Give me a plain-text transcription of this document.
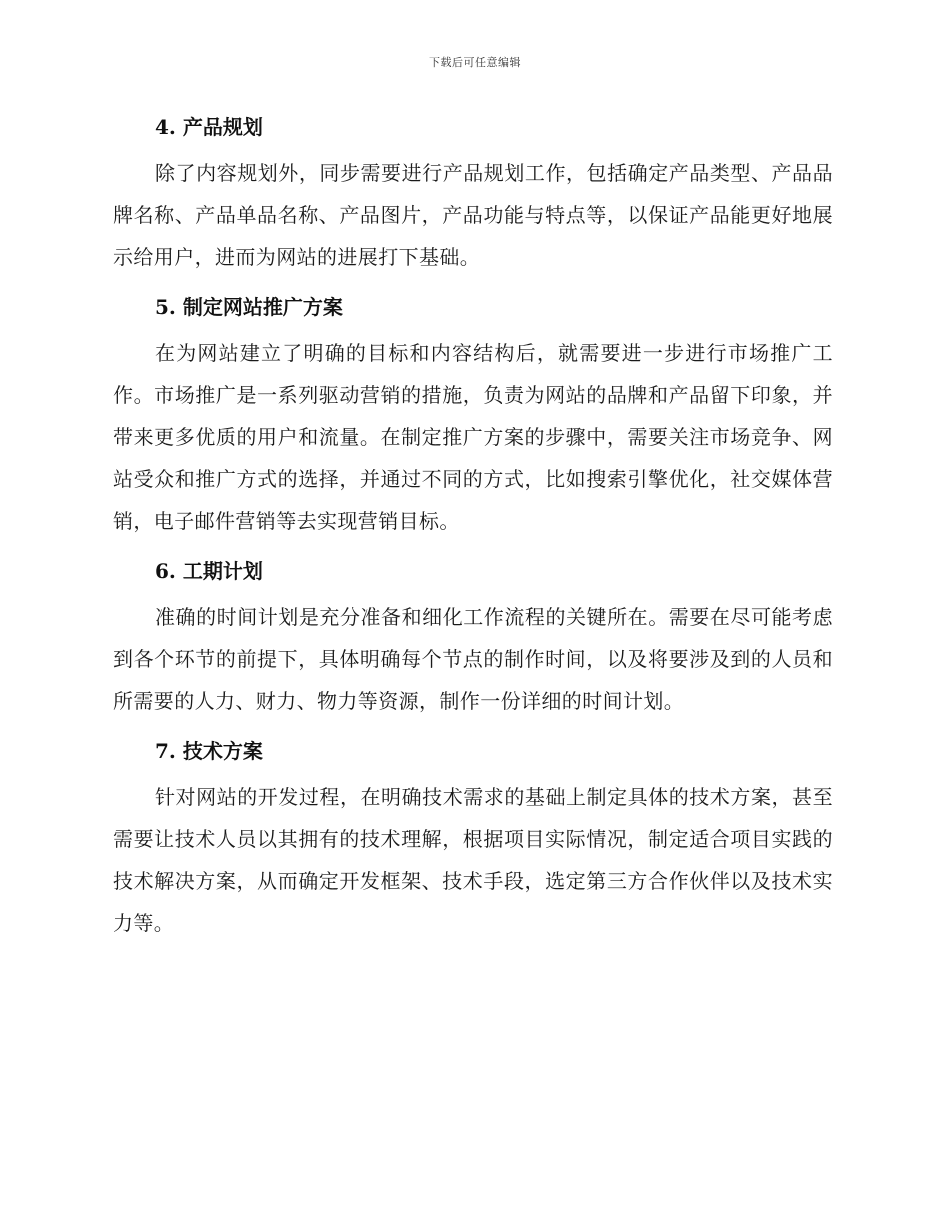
下载后可任意编辑
4. 产品规划

除了内容规划外，同步需要进行产品规划工作，包括确定产品类型、产品品牌名称、产品单品名称、产品图片，产品功能与特点等，以保证产品能更好地展示给用户，进而为网站的进展打下基础。

5. 制定网站推广方案

在为网站建立了明确的目标和内容结构后，就需要进一步进行市场推广工作。市场推广是一系列驱动营销的措施，负责为网站的品牌和产品留下印象，并带来更多优质的用户和流量。在制定推广方案的步骤中，需要关注市场竞争、网站受众和推广方式的选择，并通过不同的方式，比如搜索引擎优化，社交媒体营销，电子邮件营销等去实现营销目标。

6. 工期计划

准确的时间计划是充分准备和细化工作流程的关键所在。需要在尽可能考虑到各个环节的前提下，具体明确每个节点的制作时间，以及将要涉及到的人员和所需要的人力、财力、物力等资源，制作一份详细的时间计划。

7. 技术方案

针对网站的开发过程，在明确技术需求的基础上制定具体的技术方案，甚至需要让技术人员以其拥有的技术理解，根据项目实际情况，制定适合项目实践的技术解决方案，从而确定开发框架、技术手段，选定第三方合作伙伴以及技术实力等。
